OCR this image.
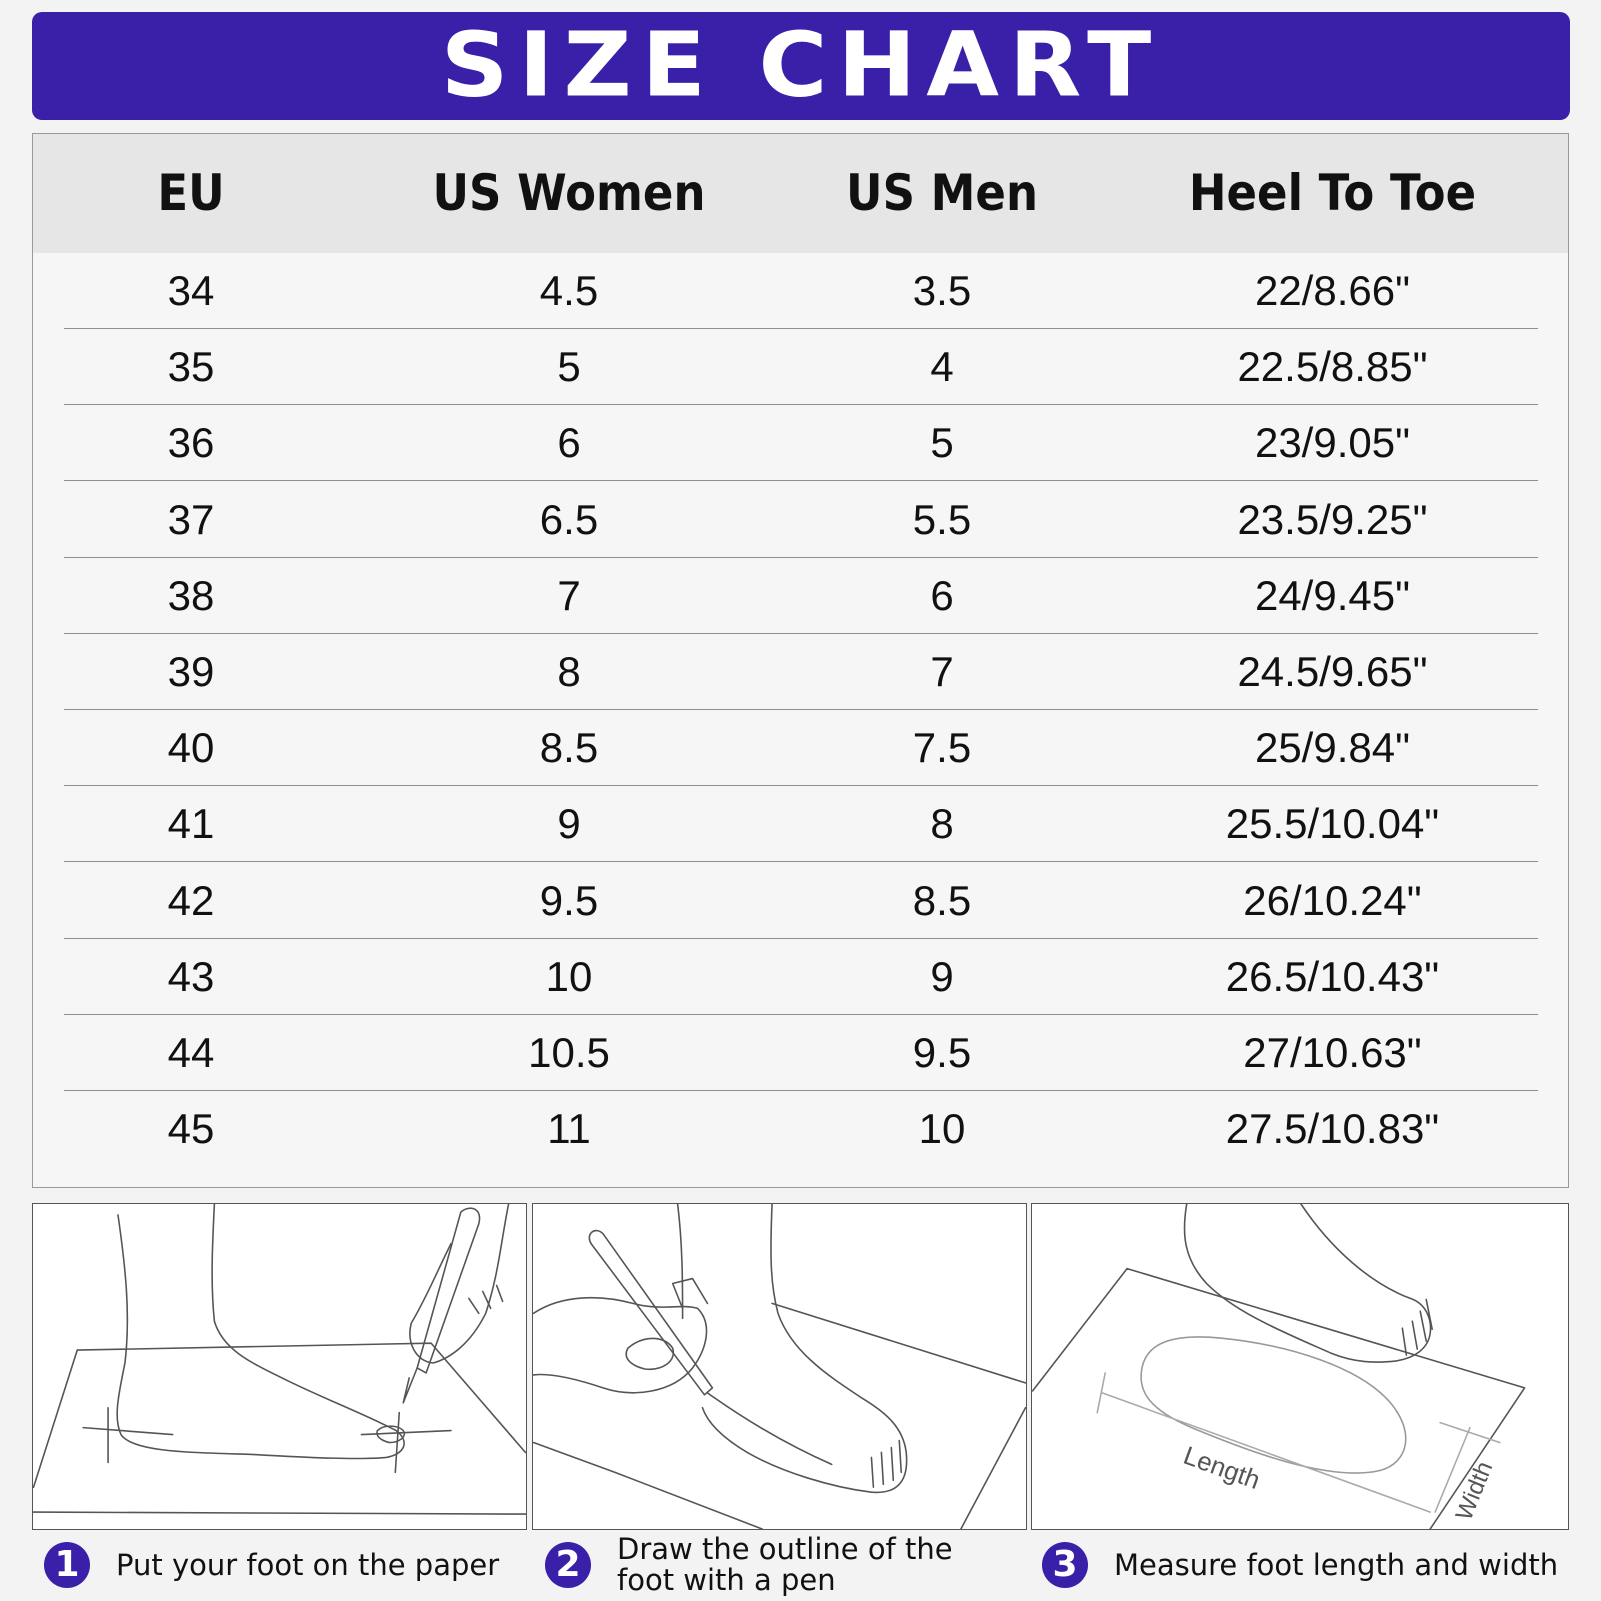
SIZE CHART
EU	US Women	US Men	Heel To Toe
34	4.5	3.5	22/8.66"
35	5	4	22.5/8.85"
36	6	5	23/9.05"
37	6.5	5.5	23.5/9.25"
38	7	6	24/9.45"
39	8	7	24.5/9.65"
40	8.5	7.5	25/9.84"
41	9	8	25.5/10.04"
42	9.5	8.5	26/10.24"
43	10	9	26.5/10.43"
44	10.5	9.5	27/10.63"
45	11	10	27.5/10.83"
Length	Width
1	Put your foot on the paper 2	Draw the outline of the foot with a pen	3	Measure foot length and width
